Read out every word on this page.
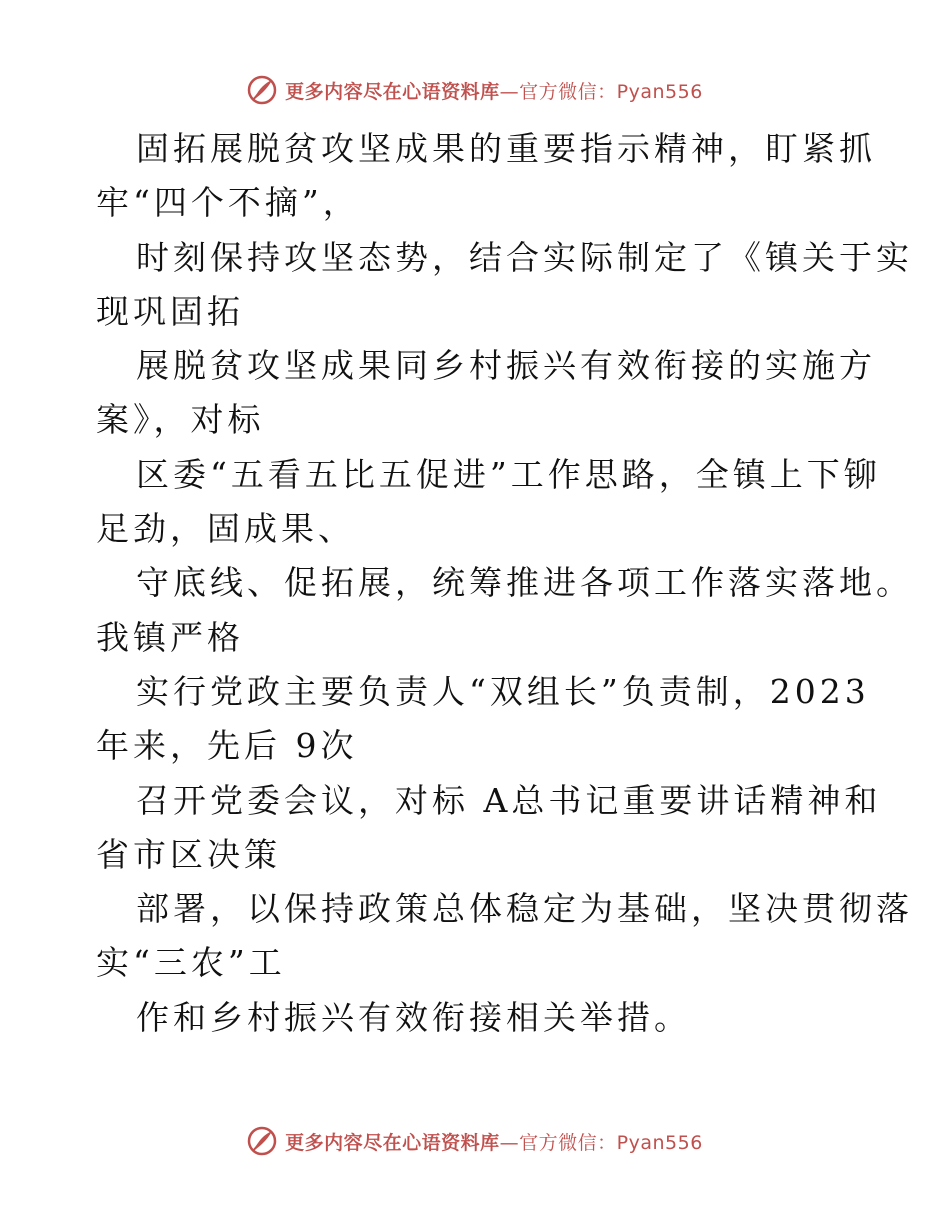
更多内容尽在心语资料库—官方微信：Pyan556
固拓展脱贫攻坚成果的重要指示精神，盯紧抓
牢“四个不摘”，
时刻保持攻坚态势，结合实际制定了《镇关于实
现巩固拓
展脱贫攻坚成果同乡村振兴有效衔接的实施方
案》，对标
区委“五看五比五促进”工作思路，全镇上下铆
足劲，固成果、
守底线、促拓展，统筹推进各项工作落实落地。
我镇严格
实行党政主要负责人“双组长”负责制，2023
年来，先后 9次
召开党委会议，对标 A总书记重要讲话精神和
省市区决策
部署，以保持政策总体稳定为基础，坚决贯彻落
实“三农”工
作和乡村振兴有效衔接相关举措。
更多内容尽在心语资料库—官方微信：Pyan556
